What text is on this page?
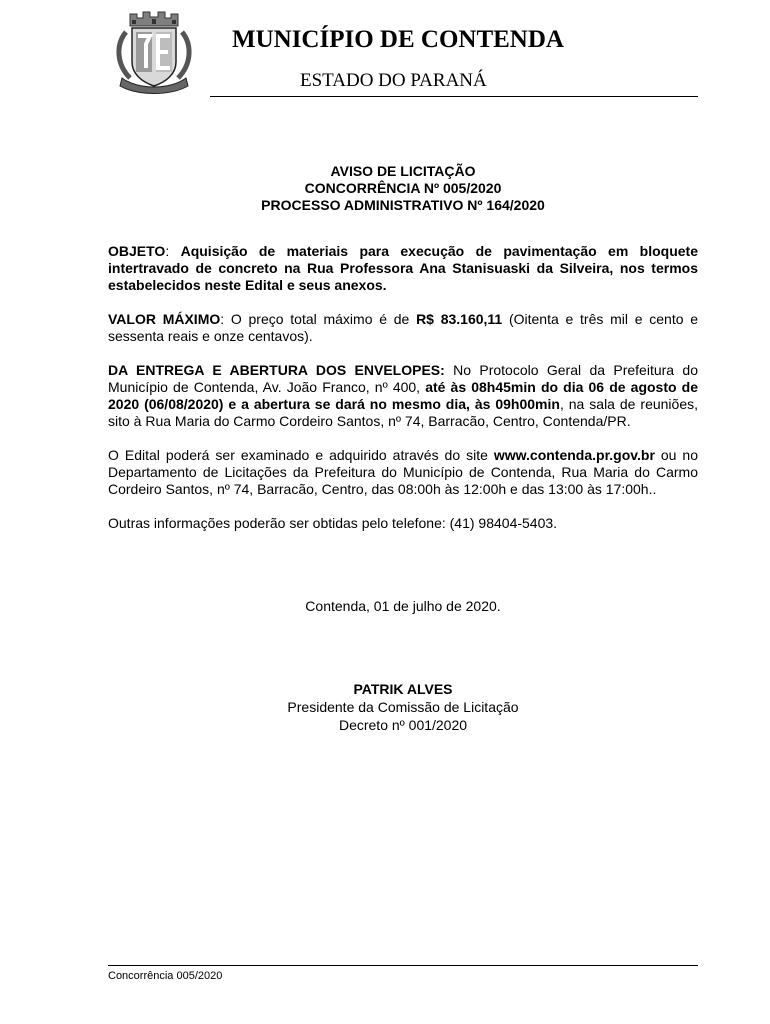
MUNICÍPIO DE CONTENDA
ESTADO DO PARANÁ
AVISO DE LICITAÇÃO
CONCORRÊNCIA Nº 005/2020
PROCESSO ADMINISTRATIVO Nº 164/2020

OBJETO: Aquisição de materiais para execução de pavimentação em bloquete intertravado de concreto na Rua Professora Ana Stanisuaski da Silveira, nos termos estabelecidos neste Edital e seus anexos.

VALOR MÁXIMO: O preço total máximo é de R$ 83.160,11 (Oitenta e três mil e cento e sessenta reais e onze centavos).

DA ENTREGA E ABERTURA DOS ENVELOPES: No Protocolo Geral da Prefeitura do Município de Contenda, Av. João Franco, nº 400, até às 08h45min do dia 06 de agosto de 2020 (06/08/2020) e a abertura se dará no mesmo dia, às 09h00min, na sala de reuniões, sito à Rua Maria do Carmo Cordeiro Santos, nº 74, Barracão, Centro, Contenda/PR.

O Edital poderá ser examinado e adquirido através do site www.contenda.pr.gov.br ou no Departamento de Licitações da Prefeitura do Município de Contenda, Rua Maria do Carmo Cordeiro Santos, nº 74, Barracão, Centro, das 08:00h às 12:00h e das 13:00 às 17:00h..

Outras informações poderão ser obtidas pelo telefone: (41) 98404-5403.

Contenda, 01 de julho de 2020.
PATRIK ALVES
Presidente da Comissão de Licitação
Decreto nº 001/2020
Concorrência 005/2020
